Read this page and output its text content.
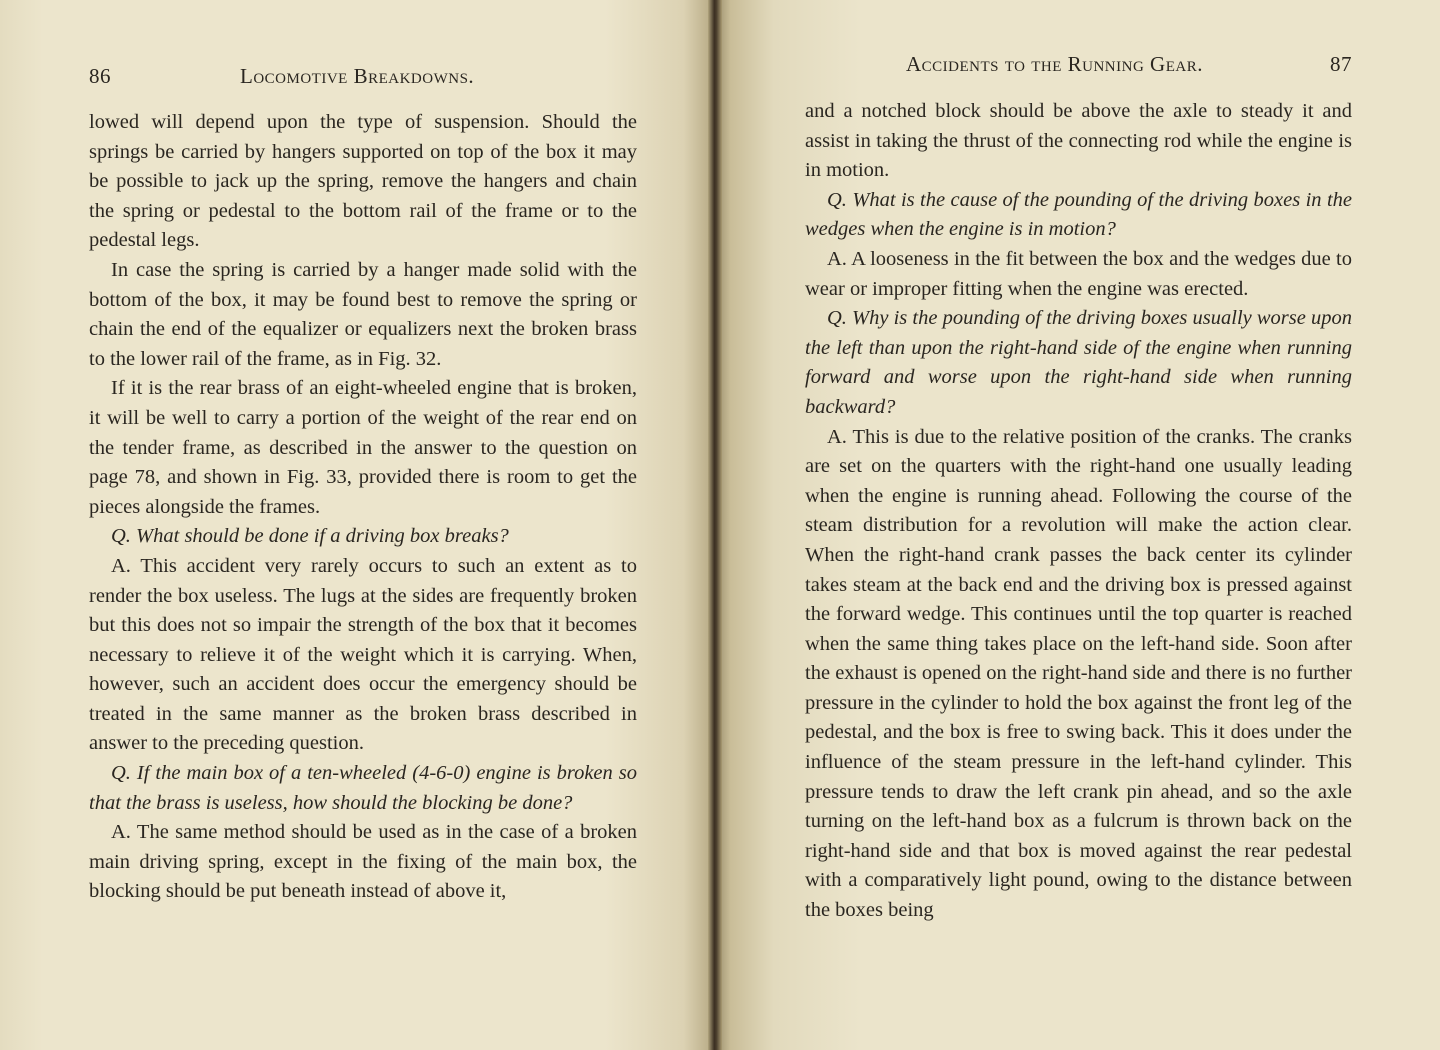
86	Locomotive Breakdowns.

lowed will depend upon the type of suspension. Should the springs be carried by hangers supported on top of the box it may be possible to jack up the spring, remove the hangers and chain the spring or pedestal to the bottom rail of the frame or to the pedestal legs.

In case the spring is carried by a hanger made solid with the bottom of the box, it may be found best to remove the spring or chain the end of the equalizer or equalizers next the broken brass to the lower rail of the frame, as in Fig. 32.

If it is the rear brass of an eight-wheeled engine that is broken, it will be well to carry a portion of the weight of the rear end on the tender frame, as described in the answer to the question on page 78, and shown in Fig. 33, provided there is room to get the pieces alongside the frames.

Q. What should be done if a driving box breaks?

A. This accident very rarely occurs to such an extent as to render the box useless. The lugs at the sides are frequently broken but this does not so impair the strength of the box that it becomes necessary to relieve it of the weight which it is carrying. When, however, such an accident does occur the emergency should be treated in the same manner as the broken brass described in answer to the preceding question.

Q. If the main box of a ten-wheeled (4-6-0) engine is broken so that the brass is useless, how should the blocking be done?

A. The same method should be used as in the case of a broken main driving spring, except in the fixing of the main box, the blocking should be put beneath instead of above it,

Accidents to the Running Gear.	87

and a notched block should be above the axle to steady it and assist in taking the thrust of the connecting rod while the engine is in motion.

Q. What is the cause of the pounding of the driving boxes in the wedges when the engine is in motion?

A. A looseness in the fit between the box and the wedges due to wear or improper fitting when the engine was erected.

Q. Why is the pounding of the driving boxes usually worse upon the left than upon the right-hand side of the engine when running forward and worse upon the right-hand side when running backward?

A. This is due to the relative position of the cranks. The cranks are set on the quarters with the right-hand one usually leading when the engine is running ahead. Following the course of the steam distribution for a revolution will make the action clear. When the right-hand crank passes the back center its cylinder takes steam at the back end and the driving box is pressed against the forward wedge. This continues until the top quarter is reached when the same thing takes place on the left-hand side. Soon after the exhaust is opened on the right-hand side and there is no further pressure in the cylinder to hold the box against the front leg of the pedestal, and the box is free to swing back. This it does under the influence of the steam pressure in the left-hand cylinder. This pressure tends to draw the left crank pin ahead, and so the axle turning on the left-hand box as a fulcrum is thrown back on the right-hand side and that box is moved against the rear pedestal with a comparatively light pound, owing to the distance between the boxes being
